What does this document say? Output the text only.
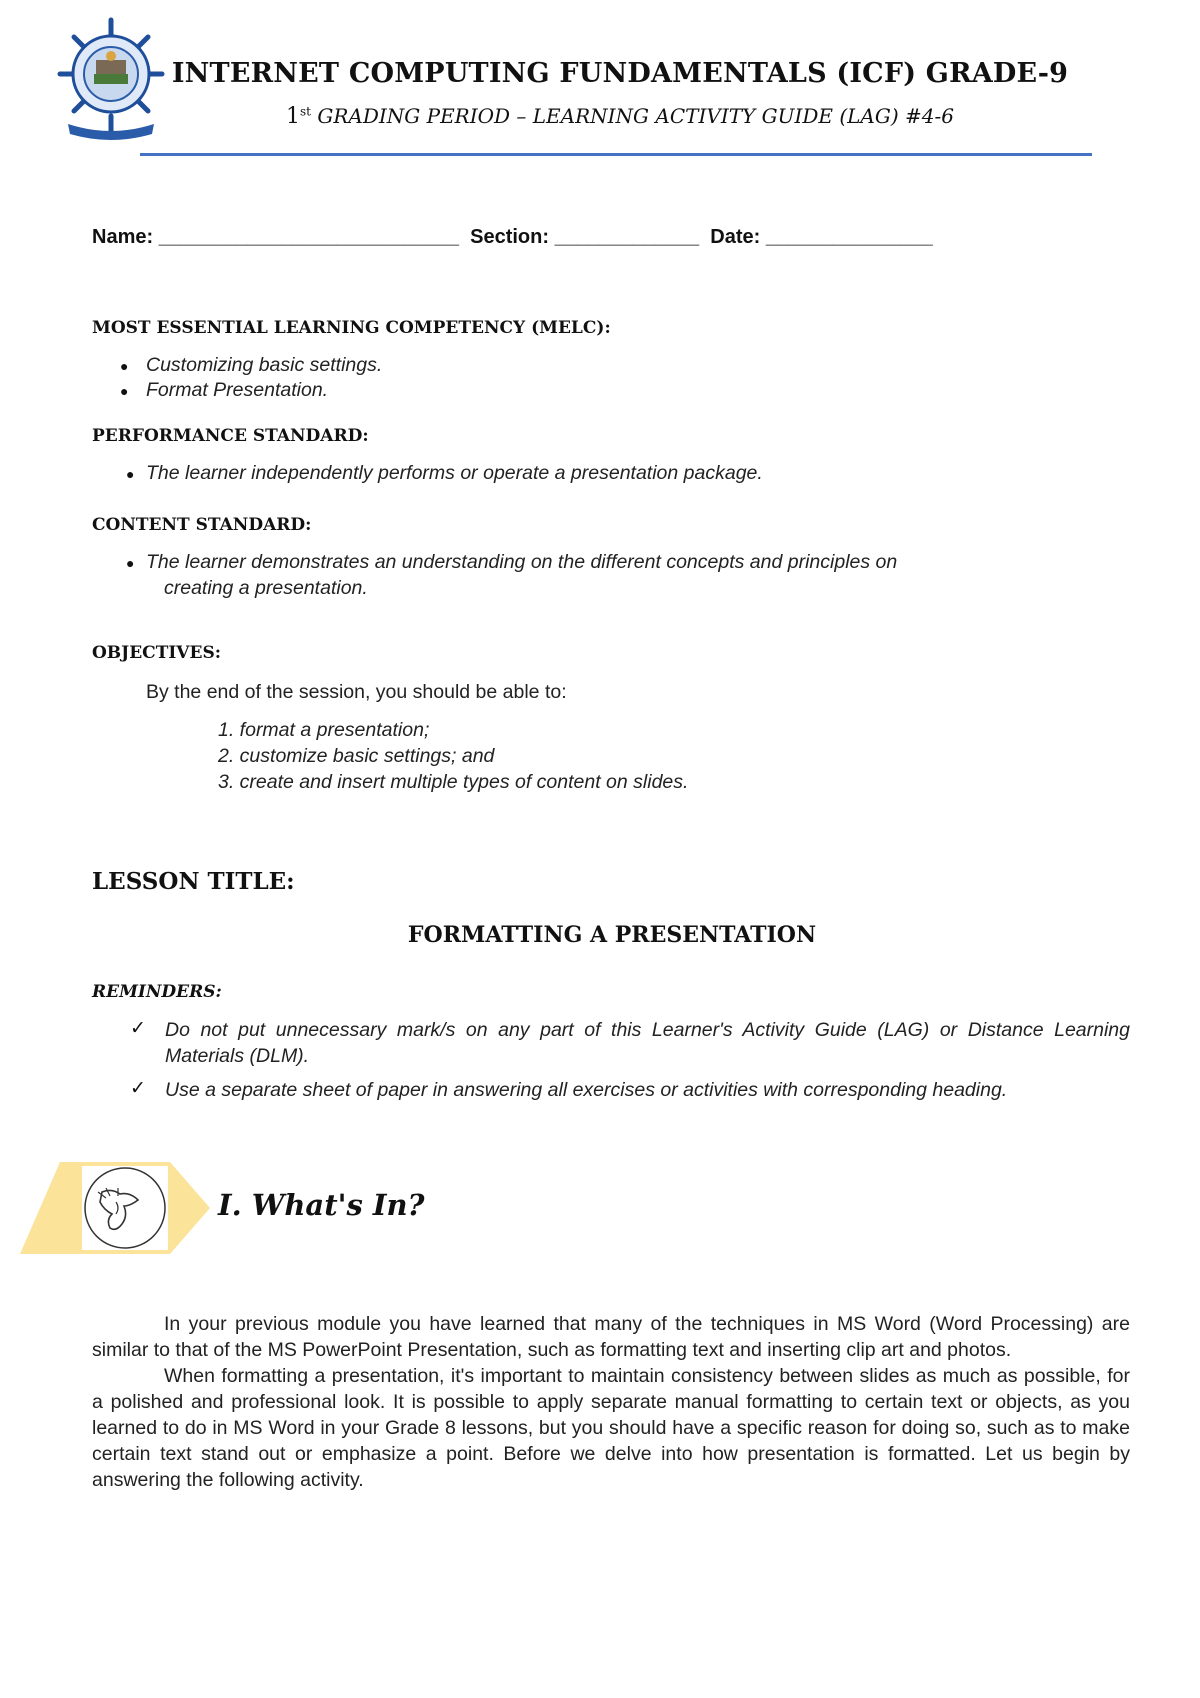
INTERNET COMPUTING FUNDAMENTALS (ICF) GRADE-9
1st GRADING PERIOD – LEARNING ACTIVITY GUIDE (LAG) #4-6
Name: ___________________________  Section: _____________  Date: _______________
MOST ESSENTIAL LEARNING COMPETENCY (MELC):
● Customizing basic settings.
● Format Presentation.
PERFORMANCE STANDARD:
● The learner independently performs or operate a presentation package.
CONTENT STANDARD:
● The learner demonstrates an understanding on the different concepts and principles on
creating a presentation.
OBJECTIVES:
By the end of the session, you should be able to:
1. format a presentation;
2. customize basic settings; and
3. create and insert multiple types of content on slides.
LESSON TITLE:
FORMATTING A PRESENTATION
REMINDERS:
✓ Do not put unnecessary mark/s on any part of this Learner's Activity Guide (LAG) or Distance Learning Materials (DLM).
✓ Use a separate sheet of paper in answering all exercises or activities with corresponding heading.
I. What's In?

In your previous module you have learned that many of the techniques in MS Word (Word Processing) are similar to that of the MS PowerPoint Presentation, such as formatting text and inserting clip art and photos.

When formatting a presentation, it's important to maintain consistency between slides as much as possible, for a polished and professional look. It is possible to apply separate manual formatting to certain text or objects, as you learned to do in MS Word in your Grade 8 lessons, but you should have a specific reason for doing so, such as to make certain text stand out or emphasize a point. Before we delve into how presentation is formatted. Let us begin by answering the following activity.
